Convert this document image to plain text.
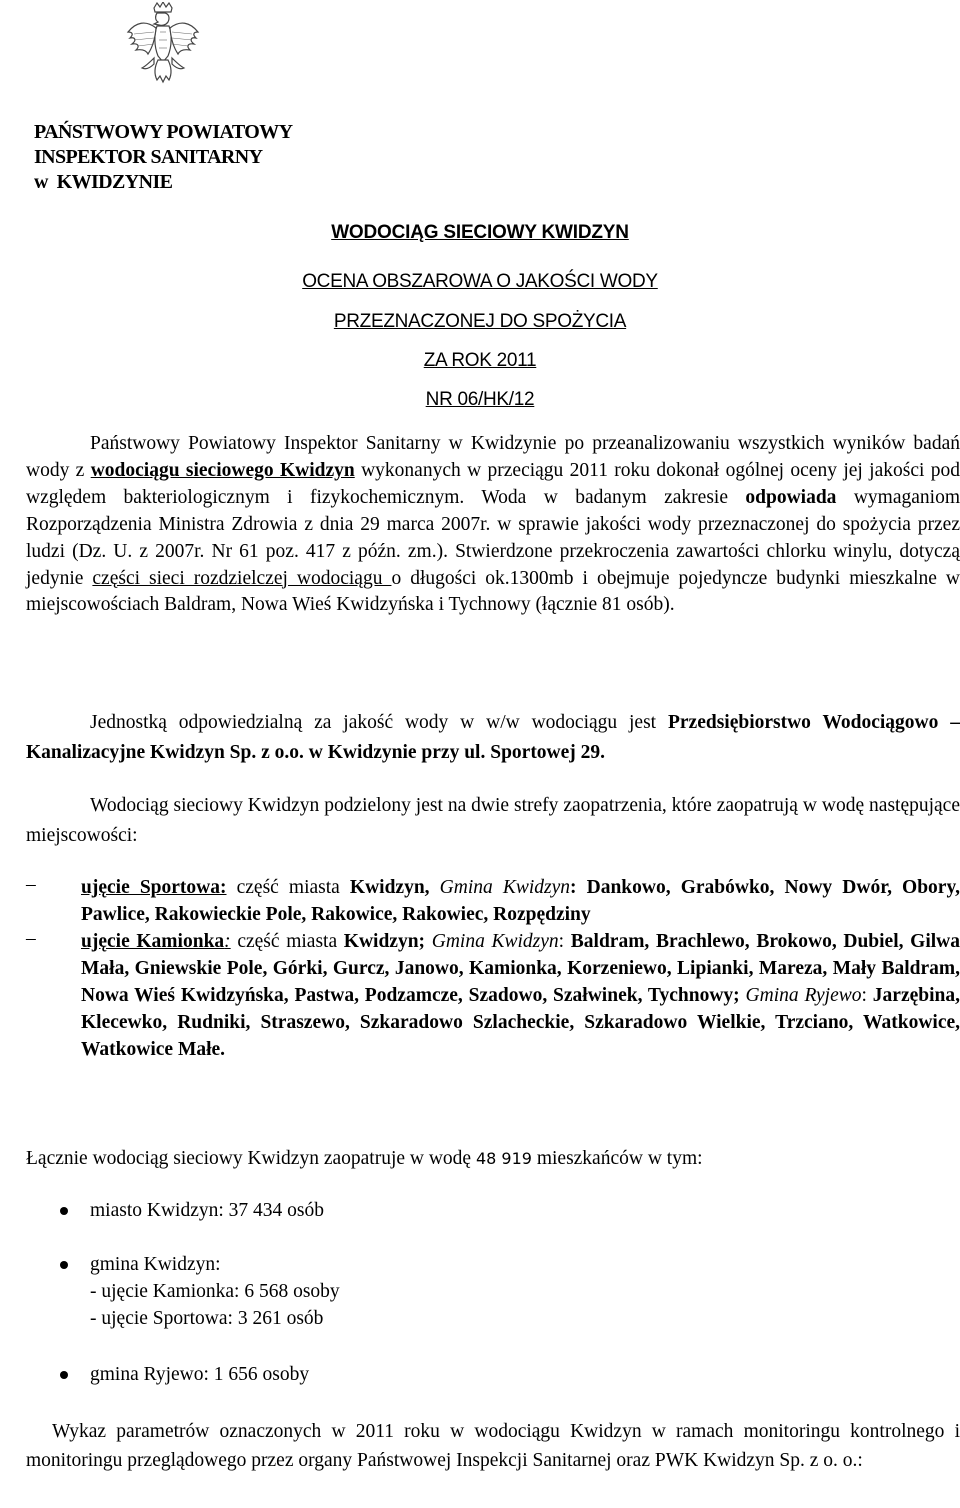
PAŃSTWOWY POWIATOWY
INSPEKTOR SANITARNY
w  KWIDZYNIE
WODOCIĄG SIECIOWY KWIDZYN
OCENA OBSZAROWA O JAKOŚCI WODY
PRZEZNACZONEJ DO SPOŻYCIA
ZA ROK 2011
NR 06/HK/12
Państwowy Powiatowy Inspektor Sanitarny w Kwidzynie po przeanalizowaniu wszystkich wyników badań wody z wodociągu sieciowego Kwidzyn wykonanych w przeciągu 2011 roku dokonał ogólnej oceny jej jakości pod względem bakteriologicznym i fizykochemicznym. Woda w badanym zakresie odpowiada wymaganiom Rozporządzenia Ministra Zdrowia z dnia 29 marca 2007r. w sprawie jakości wody przeznaczonej do spożycia przez ludzi (Dz. U. z 2007r. Nr 61 poz. 417 z późn. zm.). Stwierdzone przekroczenia zawartości chlorku winylu, dotyczą jedynie części sieci rozdzielczej wodociągu o długości ok.1300mb i obejmuje pojedyncze budynki mieszkalne w miejscowościach Baldram, Nowa Wieś Kwidzyńska i Tychnowy (łącznie 81 osób).
Jednostką odpowiedzialną za jakość wody w w/w wodociągu jest Przedsiębiorstwo Wodociągowo – Kanalizacyjne Kwidzyn Sp. z o.o. w Kwidzynie przy ul. Sportowej 29.
Wodociąg sieciowy Kwidzyn podzielony jest na dwie strefy zaopatrzenia, które zaopatrują w wodę następujące miejscowości:
–	ujęcie Sportowa: część miasta Kwidzyn, Gmina Kwidzyn: Dankowo, Grabówko, Nowy Dwór, Obory, Pawlice, Rakowieckie Pole, Rakowice, Rakowiec, Rozpędziny
–	ujęcie Kamionka: część miasta Kwidzyn; Gmina Kwidzyn: Baldram, Brachlewo, Brokowo, Dubiel, Gilwa Mała, Gniewskie Pole, Górki, Gurcz, Janowo, Kamionka, Korzeniewo, Lipianki, Mareza, Mały Baldram, Nowa Wieś Kwidzyńska, Pastwa, Podzamcze, Szadowo, Szałwinek, Tychnowy; Gmina Ryjewo: Jarzębina, Klecewko, Rudniki, Straszewo, Szkaradowo Szlacheckie, Szkaradowo Wielkie, Trzciano, Watkowice, Watkowice Małe.
Łącznie wodociąg sieciowy Kwidzyn zaopatruje w wodę 48 919 mieszkańców w tym:
miasto Kwidzyn: 37 434 osób
gmina Kwidzyn:
- ujęcie Kamionka: 6 568 osoby
- ujęcie Sportowa: 3 261 osób
gmina Ryjewo: 1 656 osoby
Wykaz parametrów oznaczonych w 2011 roku w wodociągu Kwidzyn w ramach monitoringu kontrolnego i monitoringu przeglądowego przez organy Państwowej Inspekcji Sanitarnej oraz PWK Kwidzyn Sp. z o. o.:
